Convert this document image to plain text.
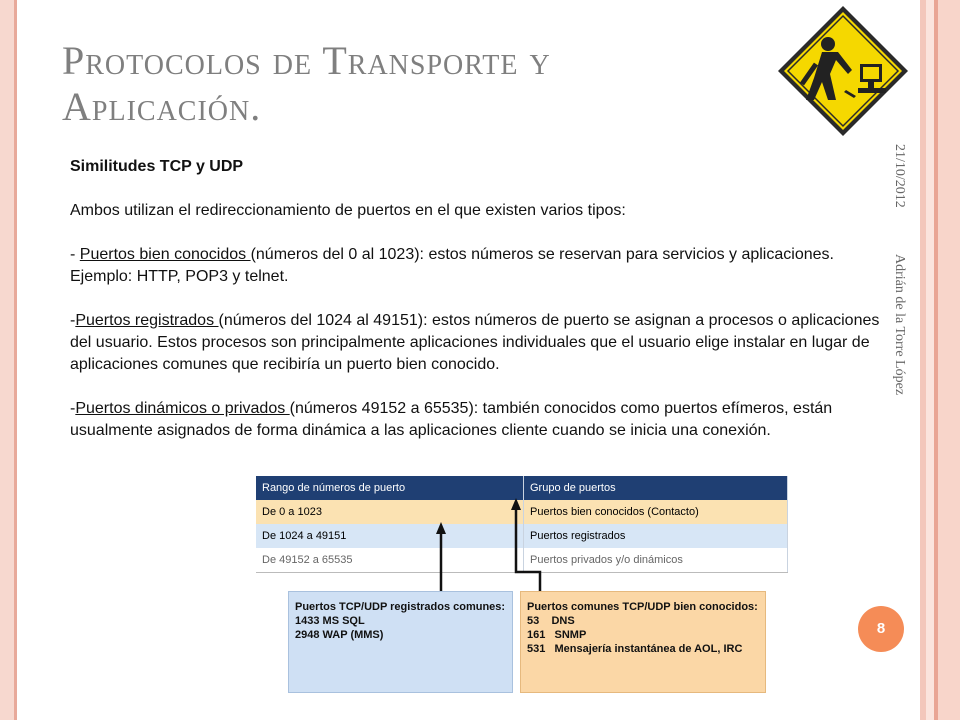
Protocolos de Transporte y
Aplicación.
21/10/2012
Adrián de la Torre López

Similitudes TCP y UDP

Ambos utilizan el redireccionamiento de puertos en el que existen varios tipos:

- Puertos bien conocidos (números del 0 al 1023): estos números se reservan para servicios y aplicaciones. Ejemplo: HTTP, POP3 y telnet.

-Puertos registrados (números del 1024 al 49151): estos números de puerto se asignan a procesos o aplicaciones del usuario. Estos procesos son principalmente aplicaciones individuales que el usuario elige instalar en lugar de aplicaciones comunes que recibiría un puerto bien conocido.

-Puertos dinámicos o privados (números 49152 a 65535): también conocidos como puertos efímeros, están usualmente asignados de forma dinámica a las aplicaciones cliente cuando se inicia una conexión.

Rango de números de puerto	Grupo de puertos
De 0 a 1023	Puertos bien conocidos (Contacto)
De 1024 a 49151	Puertos registrados
De 49152 a 65535	Puertos privados y/o dinámicos
Puertos TCP/UDP registrados comunes:
1433 MS SQL
2948 WAP (MMS)
Puertos comunes TCP/UDP bien conocidos:
53    DNS
161   SNMP
531   Mensajería instantánea de AOL, IRC
8
